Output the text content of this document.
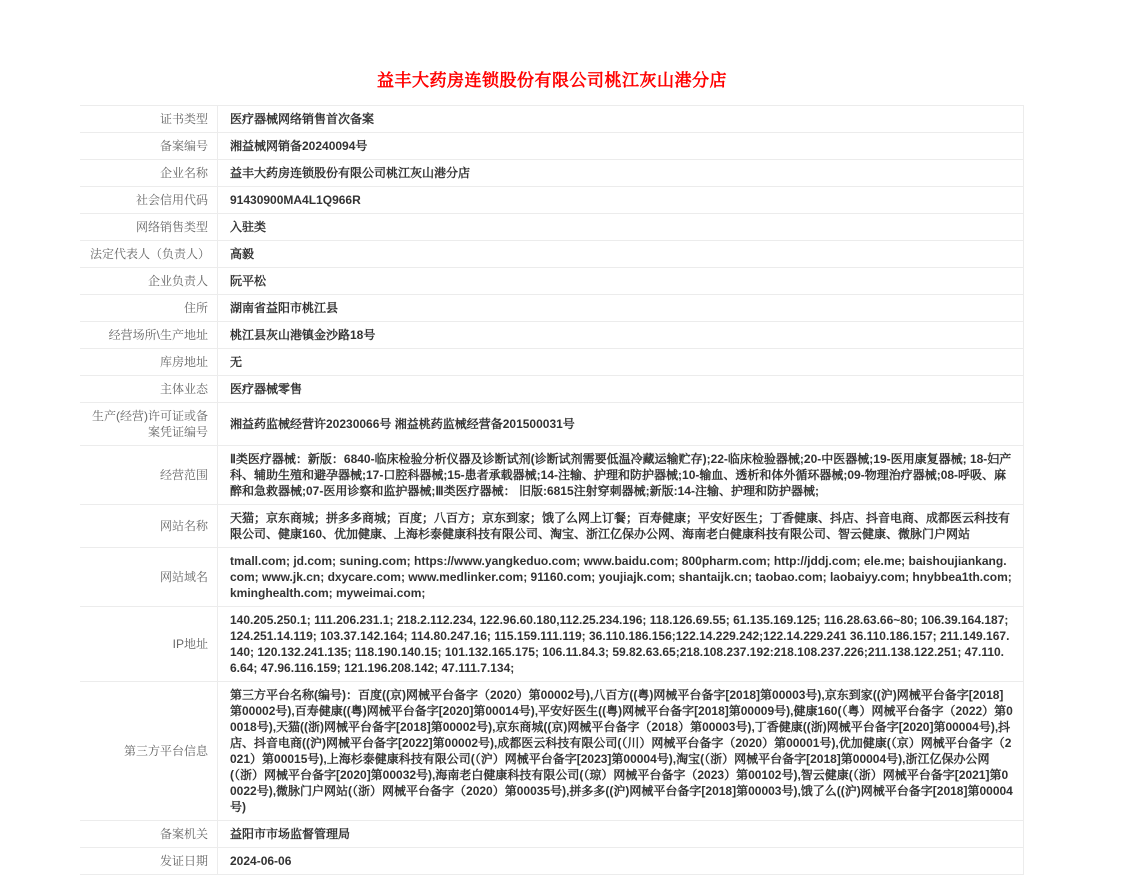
益丰大药房连锁股份有限公司桃江灰山港分店
证书类型	医疗器械网络销售首次备案
备案编号	湘益械网销备20240094号
企业名称	益丰大药房连锁股份有限公司桃江灰山港分店
社会信用代码	91430900MA4L1Q966R
网络销售类型	入驻类
法定代表人（负责人）	高毅
企业负责人	阮平松
住所	湖南省益阳市桃江县
经营场所\生产地址	桃江县灰山港镇金沙路18号
库房地址	无
主体业态	医疗器械零售
生产(经营)许可证或备案凭证编号	湘益药监械经营许20230066号 湘益桃药监械经营备201500031号
经营范围	Ⅱ类医疗器械：新版：6840-临床检验分析仪器及诊断试剂(诊断试剂需要低温冷藏运输贮存);22-临床检验器械;20-中医器械;19-医用康复器械; 18-妇产科、辅助生殖和避孕器械;17-口腔科器械;15-患者承载器械;14-注输、护理和防护器械;10-输血、透析和体外循环器械;09-物理治疗器械;08-呼吸、麻醉和急救器械;07-医用诊察和监护器械;Ⅲ类医疗器械： 旧版:6815注射穿刺器械;新版:14-注输、护理和防护器械;
网站名称	天猫；京东商城；拼多多商城；百度；八百方；京东到家；饿了么网上订餐；百寿健康；平安好医生；丁香健康、抖店、抖音电商、成都医云科技有限公司、健康160、优加健康、上海杉泰健康科技有限公司、淘宝、浙江亿保办公网、海南老白健康科技有限公司、智云健康、微脉门户网站
网站域名	tmall.com; jd.com; suning.com; https://www.yangkeduo.com; www.baidu.com; 800pharm.com; http://jddj.com; ele.me; baishoujiankang.com; www.jk.cn; dxycare.com; www.medlinker.com; 91160.com; youjiajk.com; shantaijk.cn; taobao.com; laobaiyy.com; hnybbea1th.com; kminghealth.com; myweimai.com;
IP地址	140.205.250.1; 111.206.231.1; 218.2.112.234, 122.96.60.180,112.25.234.196; 118.126.69.55; 61.135.169.125; 116.28.63.66~80; 106.39.164.187; 124.251.14.119; 103.37.142.164; 114.80.247.16; 115.159.111.119; 36.110.186.156;122.14.229.242;122.14.229.241 36.110.186.157; 211.149.167.140; 120.132.241.135; 118.190.140.15; 101.132.165.175; 106.11.84.3; 59.82.63.65;218.108.237.192:218.108.237.226;211.138.122.251; 47.110.6.64; 47.96.116.159; 121.196.208.142; 47.111.7.134;
第三方平台信息	第三方平台名称(编号)：百度((京)网械平台备字（2020）第00002号),八百方((粤)网械平台备字[2018]第00003号),京东到家((沪)网械平台备字[2018]第00002号),百寿健康((粤)网械平台备字[2020]第00014号),平安好医生((粤)网械平台备字[2018]第00009号),健康160(（粤）网械平台备字（2022）第00018号),天猫((浙)网械平台备字[2018]第00002号),京东商城((京)网械平台备字（2018）第00003号),丁香健康((浙)网械平台备字[2020]第00004号),抖店、抖音电商((沪)网械平台备字[2022]第00002号),成都医云科技有限公司(（川）网械平台备字（2020）第00001号),优加健康(（京）网械平台备字（2021）第00015号),上海杉泰健康科技有限公司(（沪）网械平台备字[2023]第00004号),淘宝(（浙）网械平台备字[2018]第00004号),浙江亿保办公网(（浙）网械平台备字[2020]第00032号),海南老白健康科技有限公司(（琼）网械平台备字（2023）第00102号),智云健康(（浙）网械平台备字[2021]第00022号),微脉门户网站(（浙）网械平台备字（2020）第00035号),拼多多((沪)网械平台备字[2018]第00003号),饿了么((沪)网械平台备字[2018]第00004号)
备案机关	益阳市市场监督管理局
发证日期	2024-06-06
